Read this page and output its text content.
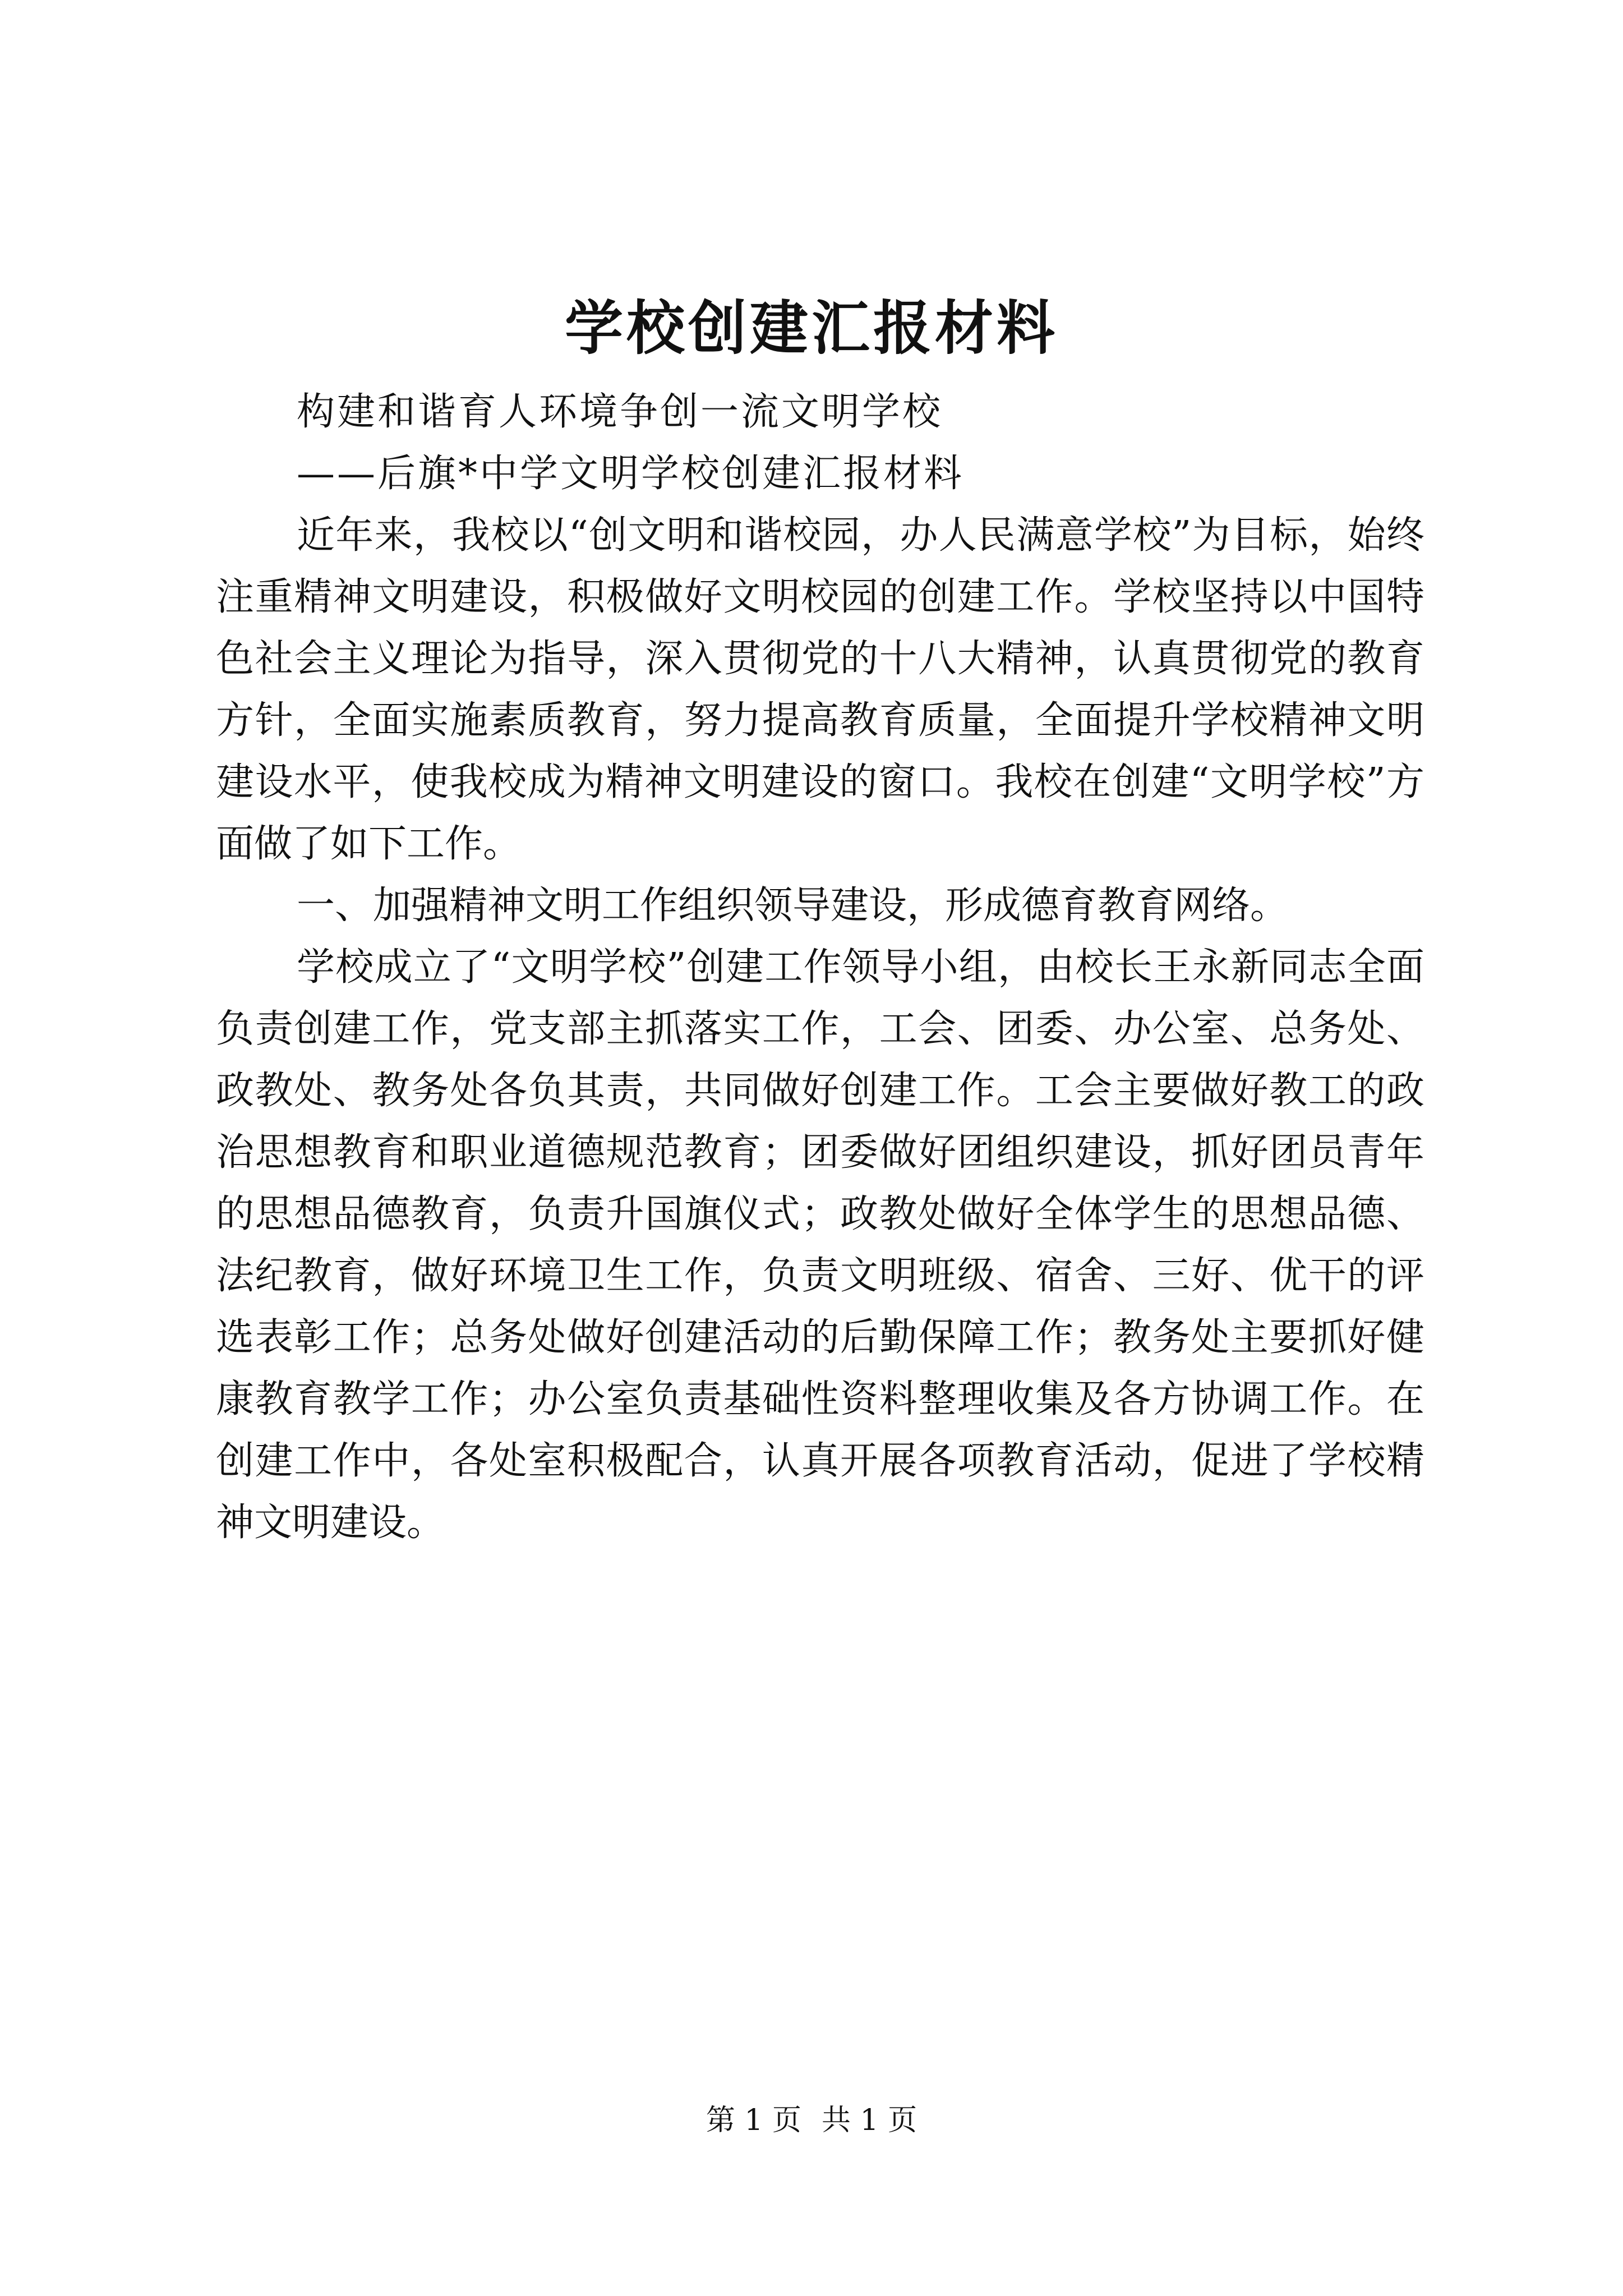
学校创建汇报材料

构建和谐育人环境争创一流文明学校

——后旗*中学文明学校创建汇报材料

近年来，我校以“创文明和谐校园，办人民满意学校”为目标，始终注重精神文明建设，积极做好文明校园的创建工作。学校坚持以中国特色社会主义理论为指导，深入贯彻党的十八大精神，认真贯彻党的教育方针，全面实施素质教育，努力提高教育质量，全面提升学校精神文明建设水平，使我校成为精神文明建设的窗口。我校在创建“文明学校”方面做了如下工作。

一、加强精神文明工作组织领导建设，形成德育教育网络。

学校成立了“文明学校”创建工作领导小组，由校长王永新同志全面负责创建工作，党支部主抓落实工作，工会、团委、办公室、总务处、政教处、教务处各负其责，共同做好创建工作。工会主要做好教工的政治思想教育和职业道德规范教育；团委做好团组织建设，抓好团员青年的思想品德教育，负责升国旗仪式；政教处做好全体学生的思想品德、法纪教育，做好环境卫生工作，负责文明班级、宿舍、三好、优干的评选表彰工作；总务处做好创建活动的后勤保障工作；教务处主要抓好健康教育教学工作；办公室负责基础性资料整理收集及各方协调工作。在创建工作中，各处室积极配合，认真开展各项教育活动，促进了学校精神文明建设。

第 1 页 共 1 页
